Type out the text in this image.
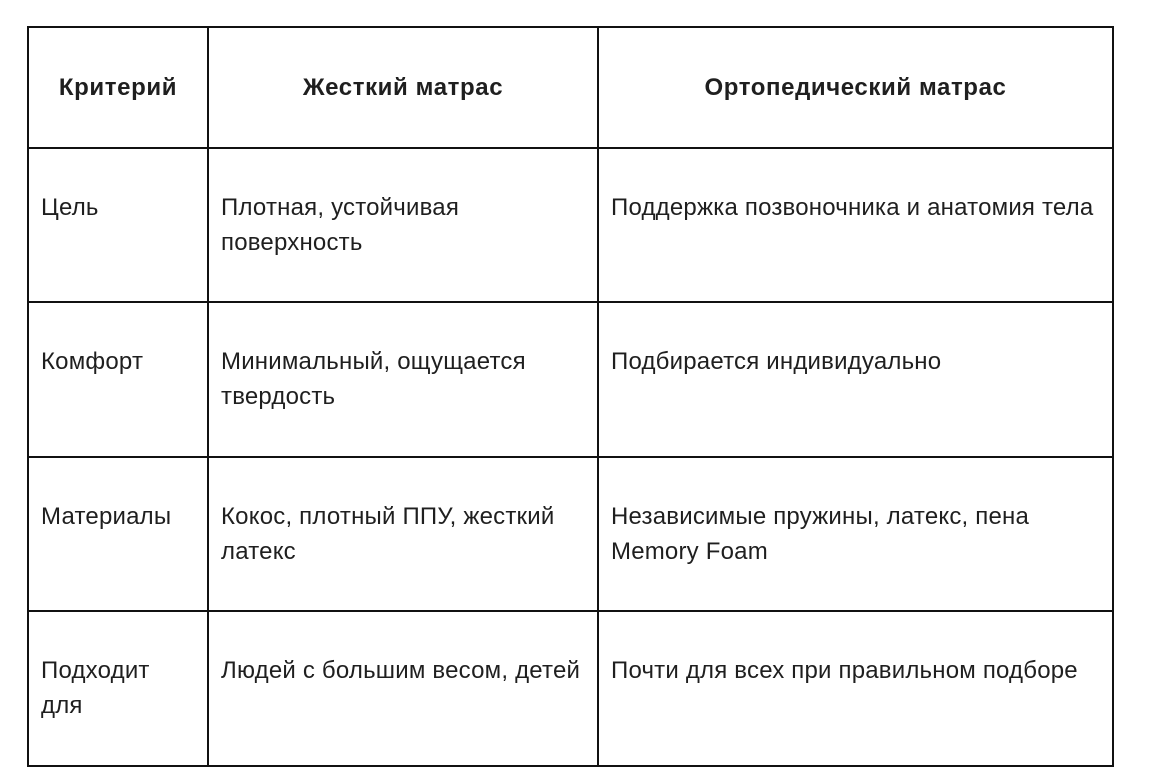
Критерий	Жесткий матрас	Ортопедический матрас
Цель	Плотная, устойчивая поверхность	Поддержка позвоночника и анатомия тела
Комфорт	Минимальный, ощущается твердость	Подбирается индивидуально
Материалы	Кокос, плотный ППУ, жесткий латекс	Независимые пружины, латекс, пена Memory Foam
Подходит для	Людей с большим весом, детей	Почти для всех при правильном подборе
